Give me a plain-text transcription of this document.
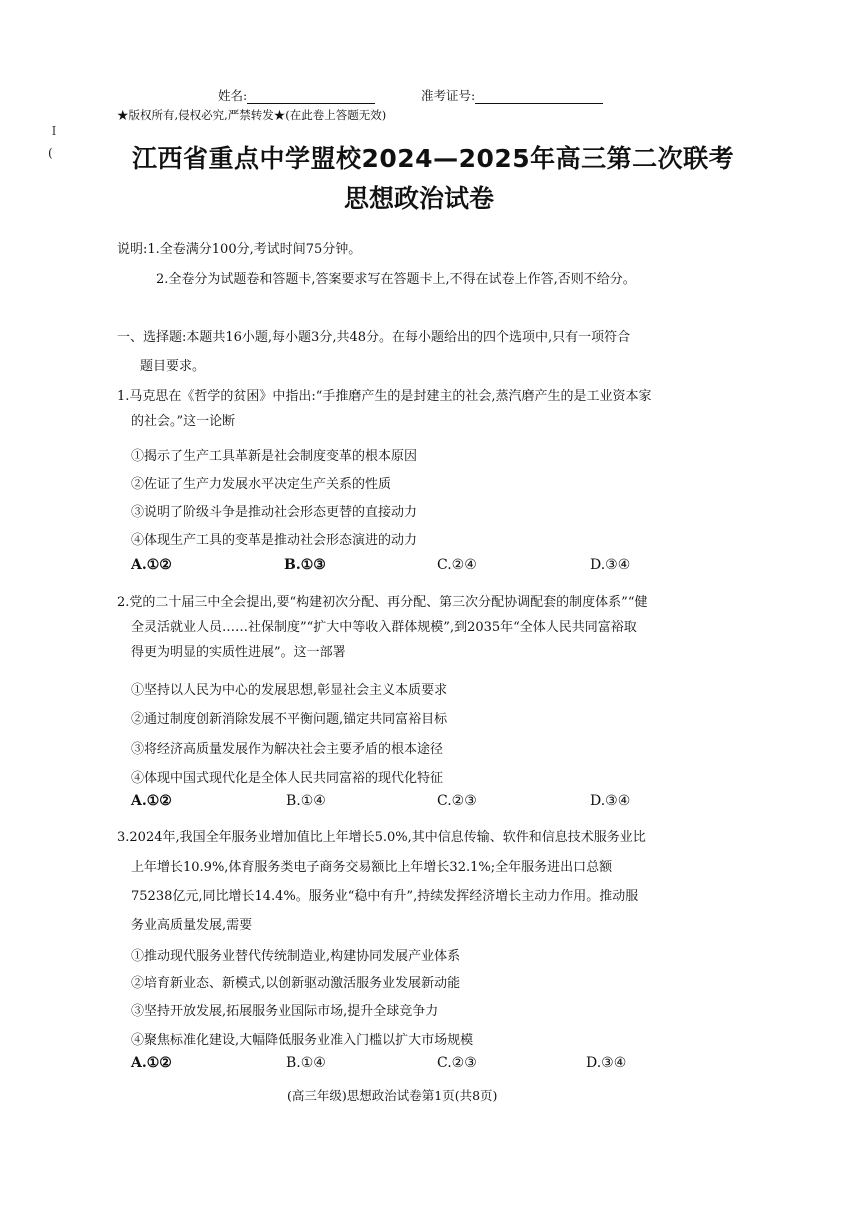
姓名:	准考证号:
★版权所有,侵权必究,严禁转发★(在此卷上答题无效)
Ｉ
(	江西省重点中学盟校2024—2025年高三第二次联考
思想政治试卷
说明:1.全卷满分100分,考试时间75分钟。
2.全卷分为试题卷和答题卡,答案要求写在答题卡上,不得在试卷上作答,否则不给分。
一、选择题:本题共16小题,每小题3分,共48分。在每小题给出的四个选项中,只有一项符合
题目要求。
1.马克思在《哲学的贫困》中指出:“手推磨产生的是封建主的社会,蒸汽磨产生的是工业资本家
的社会。”这一论断
①揭示了生产工具革新是社会制度变革的根本原因
②佐证了生产力发展水平决定生产关系的性质
③说明了阶级斗争是推动社会形态更替的直接动力
④体现生产工具的变革是推动社会形态演进的动力
A.①②	B.①③	C.②④	D.③④
2.党的二十届三中全会提出,要“构建初次分配、再分配、第三次分配协调配套的制度体系”“健
全灵活就业人员……社保制度”“扩大中等收入群体规模”,到2035年“全体人民共同富裕取
得更为明显的实质性进展”。这一部署
①坚持以人民为中心的发展思想,彰显社会主义本质要求
②通过制度创新消除发展不平衡问题,锚定共同富裕目标
③将经济高质量发展作为解决社会主要矛盾的根本途径
④体现中国式现代化是全体人民共同富裕的现代化特征
A.①②	B.①④	C.②③	D.③④
3.2024年,我国全年服务业增加值比上年增长5.0%,其中信息传输、软件和信息技术服务业比
上年增长10.9%,体育服务类电子商务交易额比上年增长32.1%;全年服务进出口总额
75238亿元,同比增长14.4%。服务业“稳中有升”,持续发挥经济增长主动力作用。推动服
务业高质量发展,需要
①推动现代服务业替代传统制造业,构建协同发展产业体系
②培育新业态、新模式,以创新驱动激活服务业发展新动能
③坚持开放发展,拓展服务业国际市场,提升全球竞争力
④聚焦标准化建设,大幅降低服务业准入门槛以扩大市场规模
A.①②	B.①④	C.②③	D.③④
(高三年级)思想政治试卷第1页(共8页)
